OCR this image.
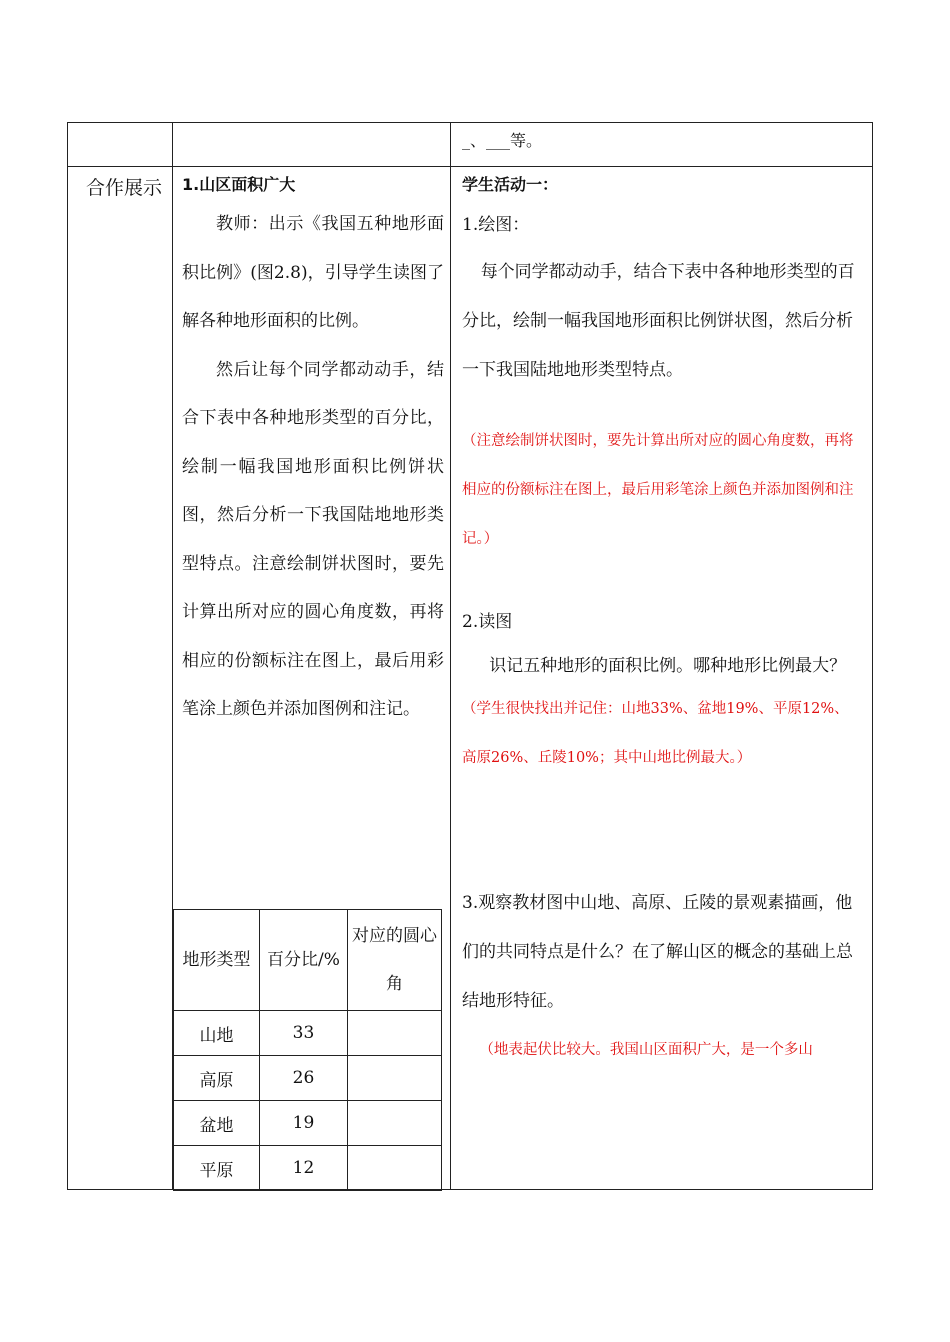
_、___等。

合作展示 1.山区面积广大

教师：出示《我国五种地形面积比例》(图2.8)，引导学生读图了解各种地形面积的比例。

然后让每个同学都动动手，结合下表中各种地形类型的百分比，绘制一幅我国地形面积比例饼状图，然后分析一下我国陆地地形类型特点。注意绘制饼状图时，要先计算出所对应的圆心角度数，再将相应的份额标注在图上，最后用彩笔涂上颜色并添加图例和注记。

地形类型	百分比/%	对应的圆心角
山地	33	
高原	26	
盆地	19	
平原	12	

学生活动一：

1.绘图：

每个同学都动动手，结合下表中各种地形类型的百分比，绘制一幅我国地形面积比例饼状图，然后分析一下我国陆地地形类型特点。

（注意绘制饼状图时，要先计算出所对应的圆心角度数，再将相应的份额标注在图上，最后用彩笔涂上颜色并添加图例和注记。）

2.读图

识记五种地形的面积比例。哪种地形比例最大？

（学生很快找出并记住：山地33%、盆地19%、平原12%、高原26%、丘陵10%；其中山地比例最大。）

3.观察教材图中山地、高原、丘陵的景观素描画，他们的共同特点是什么？在了解山区的概念的基础上总结地形特征。

（地表起伏比较大。我国山区面积广大，是一个多山
